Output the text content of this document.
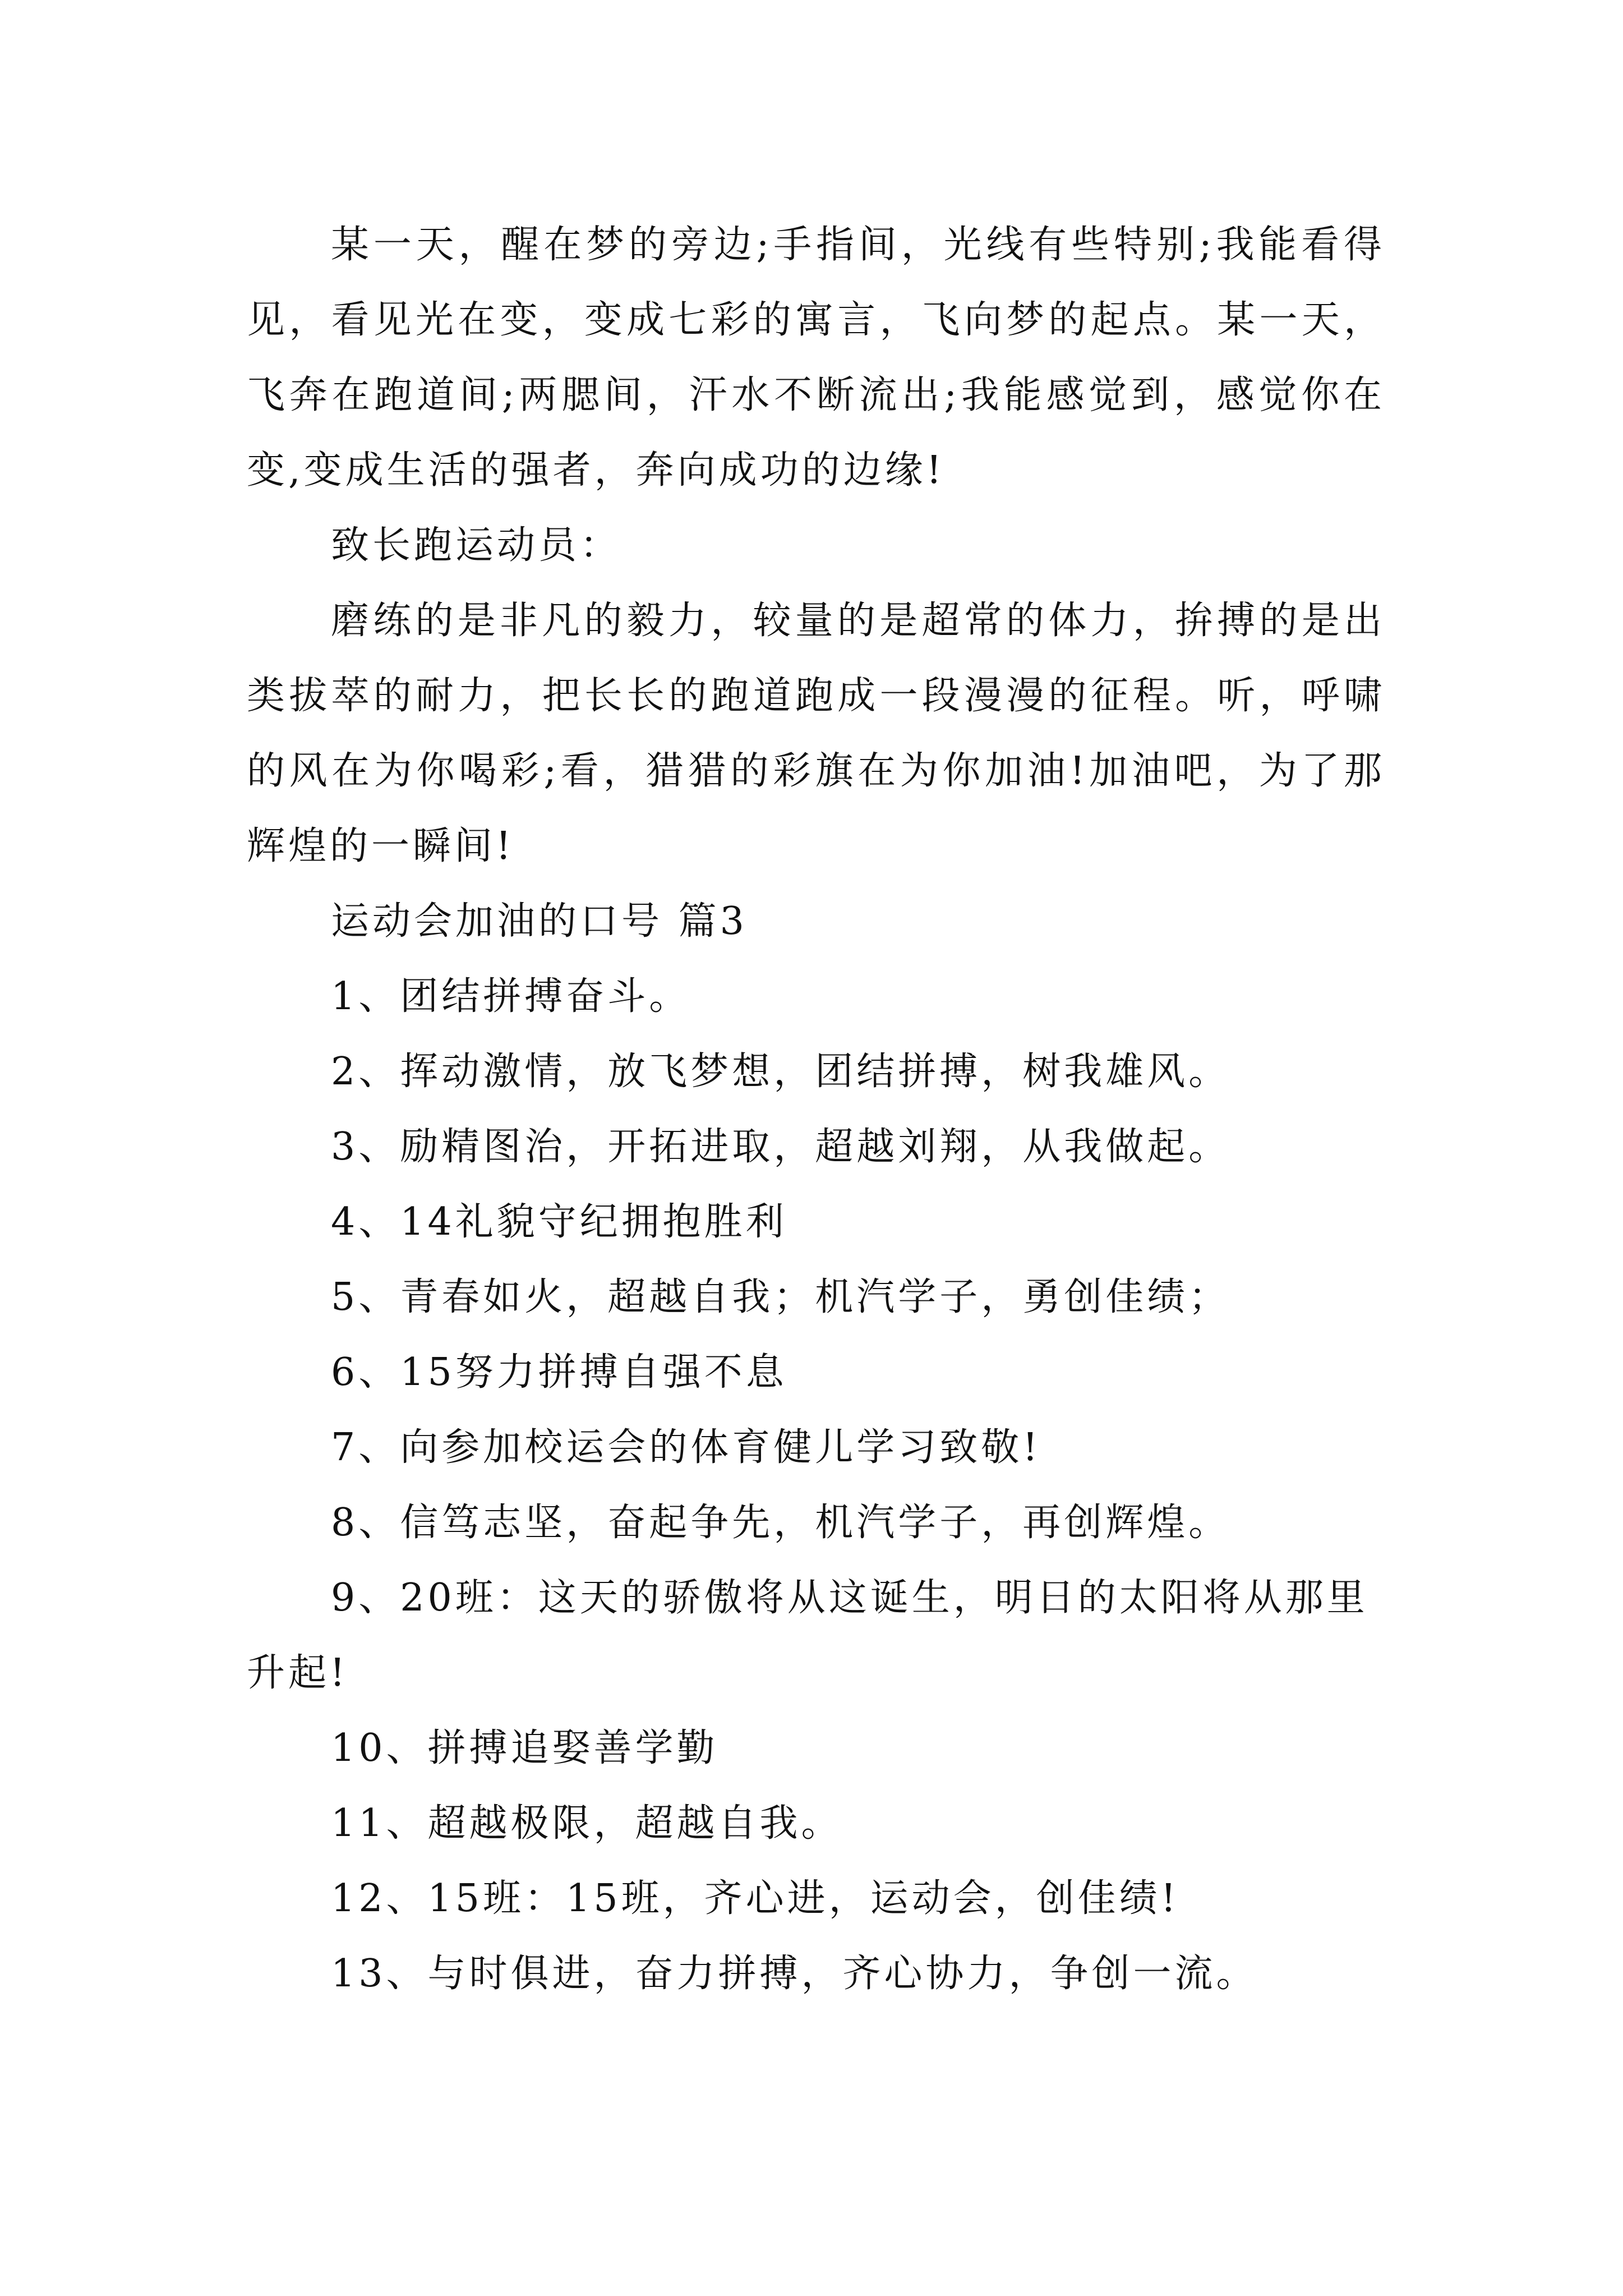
某一天，醒在梦的旁边;手指间，光线有些特别;我能看得见，看见光在变，变成七彩的寓言，飞向梦的起点。某一天，飞奔在跑道间;两腮间，汗水不断流出;我能感觉到，感觉你在变,变成生活的强者，奔向成功的边缘!

致长跑运动员：

磨练的是非凡的毅力，较量的是超常的体力，拚搏的是出类拔萃的耐力，把长长的跑道跑成一段漫漫的征程。听，呼啸的风在为你喝彩;看，猎猎的彩旗在为你加油!加油吧，为了那辉煌的一瞬间!

运动会加油的口号 篇3

1、团结拼搏奋斗。

2、挥动激情，放飞梦想，团结拼搏，树我雄风。

3、励精图治，开拓进取，超越刘翔，从我做起。

4、14礼貌守纪拥抱胜利

5、青春如火，超越自我；机汽学子，勇创佳绩；

6、15努力拼搏自强不息

7、向参加校运会的体育健儿学习致敬!

8、信笃志坚，奋起争先，机汽学子，再创辉煌。

9、20班：这天的骄傲将从这诞生，明日的太阳将从那里升起!

10、拼搏追娶善学勤

11、超越极限，超越自我。

12、15班：15班，齐心进，运动会，创佳绩!

13、与时俱进，奋力拼搏，齐心协力，争创一流。
